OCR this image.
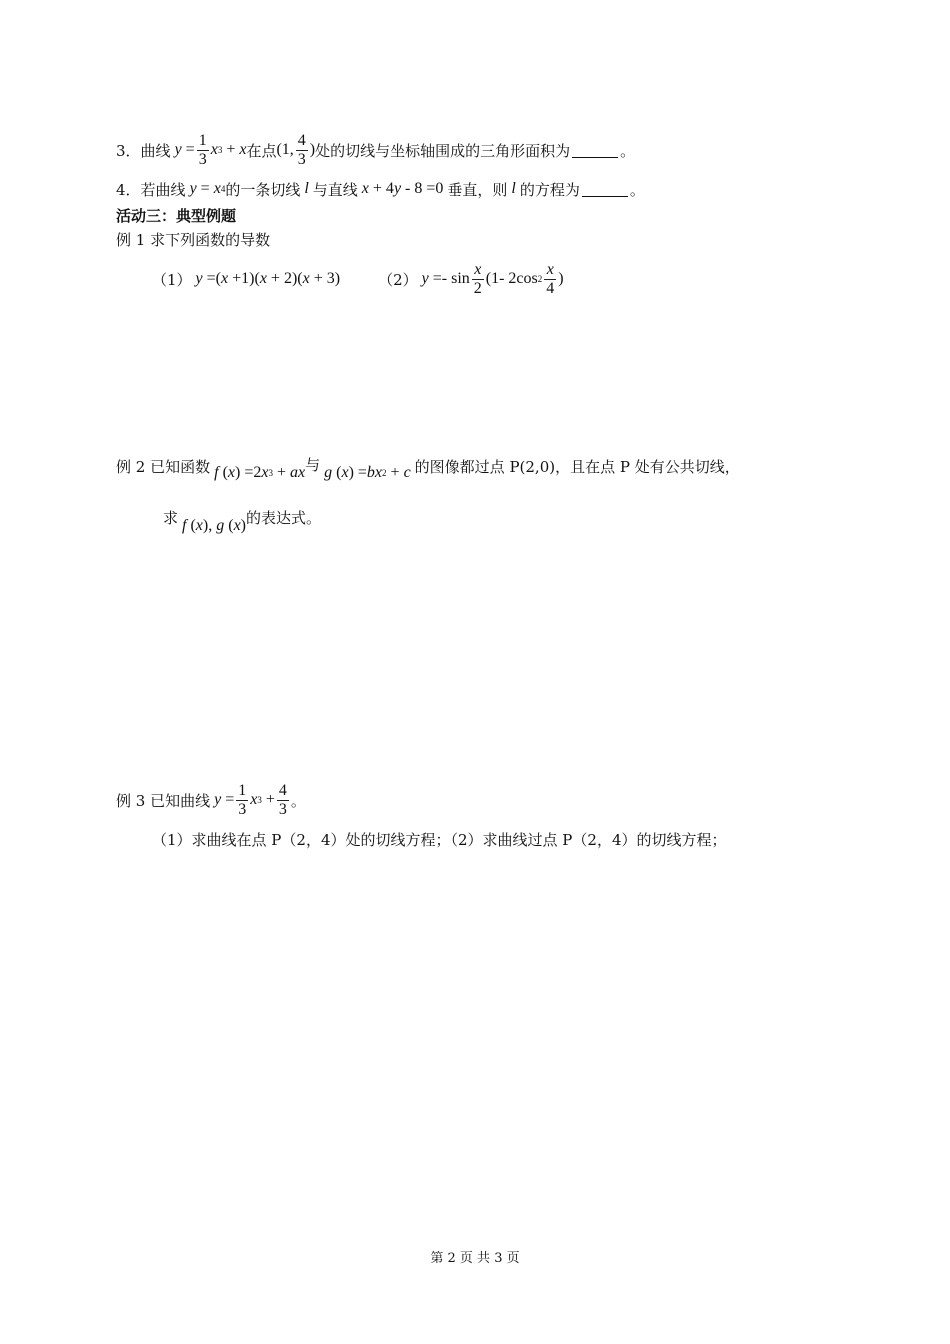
3． 曲线
$y = \frac{1}{3}$ x 3 + x 在点 (1, $\frac{4}{3}$ ) 处的切线与坐标轴围成的三角形面积为	。
4． 若曲线
y = x 4 的一条切线 l 与直线
x + 4 y - 8 =0 垂直，则 l 的方程为	。
活动三：典型例题
例 1
求下列函数的导数
（1）
y =( x +1)( x + 2)( x + 3)	（2）
$y =- \sin \frac{x}{2} (1-$ 2cos $2 \frac{x}{4}$ )
例 2
已知函数
f ( x ) =2 x 3 + ax 与
g ( x ) = bx 2 + c
的图像都过点 P(2,0)，且在点 P 处有公共切线，
求
f ( x ), g ( x ) 的表达式。
例 3
已知曲线
$y = \frac{1}{3}$ x $3 + \frac{4}{3}$ 。
（1）求曲线在点 P（2，4）处的切线方程；（2）求曲线过点 P（2，4）的切线方程；
第 2 页 共 3 页
